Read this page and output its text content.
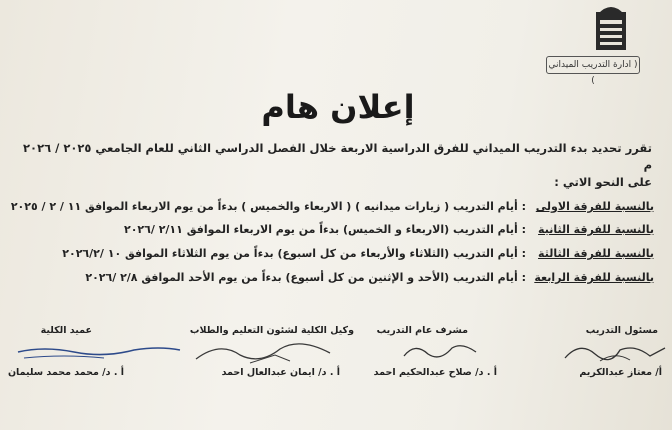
( ادارة التدريب الميداني )
إعلان هام
تقرر تحديد بدء التدريب الميداني للفرق الدراسية الاربعة خلال الفصل الدراسي الثاني للعام الجامعي ٢٠٢٥ / ٢٠٢٦ م
على النحو الاتي :
بالنسبة للفرقة الاولى
: أيام التدريب ( زيارات ميدانيه ) ( الاربعاء والخميس ) بدءاً من يوم الاربعاء الموافق ١١ / ٢ / ٢٠٢٥
بالنسبة للفرقة الثانية
: أيام التدريب (الاربعاء و الخميس) بدءاً من يوم الاربعاء الموافق ٢/١١ /٢٠٢٦
بالنسبة للفرقة الثالثة
: أيام التدريب (الثلاثاء والأربعاء من كل اسبوع) بدءاً من يوم الثلاثاء الموافق ١٠ /٢٠٢٦/٢
بالنسبة للفرقة الرابعة
: أيام التدريب (الأحد و الإثنين من كل أسبوع) بدءاً من يوم الأحد الموافق ٢/٨ /٢٠٢٦
مسئول التدريب
أ/ معتاز عبدالكريم
مشرف عام التدريب
أ . د/ صلاح عبدالحكيم احمد
وكيل الكلية لشئون التعليم والطلاب
أ . د/ ايمان عبدالعال احمد
عميد الكلية
أ . د/ محمد محمد سليمان
